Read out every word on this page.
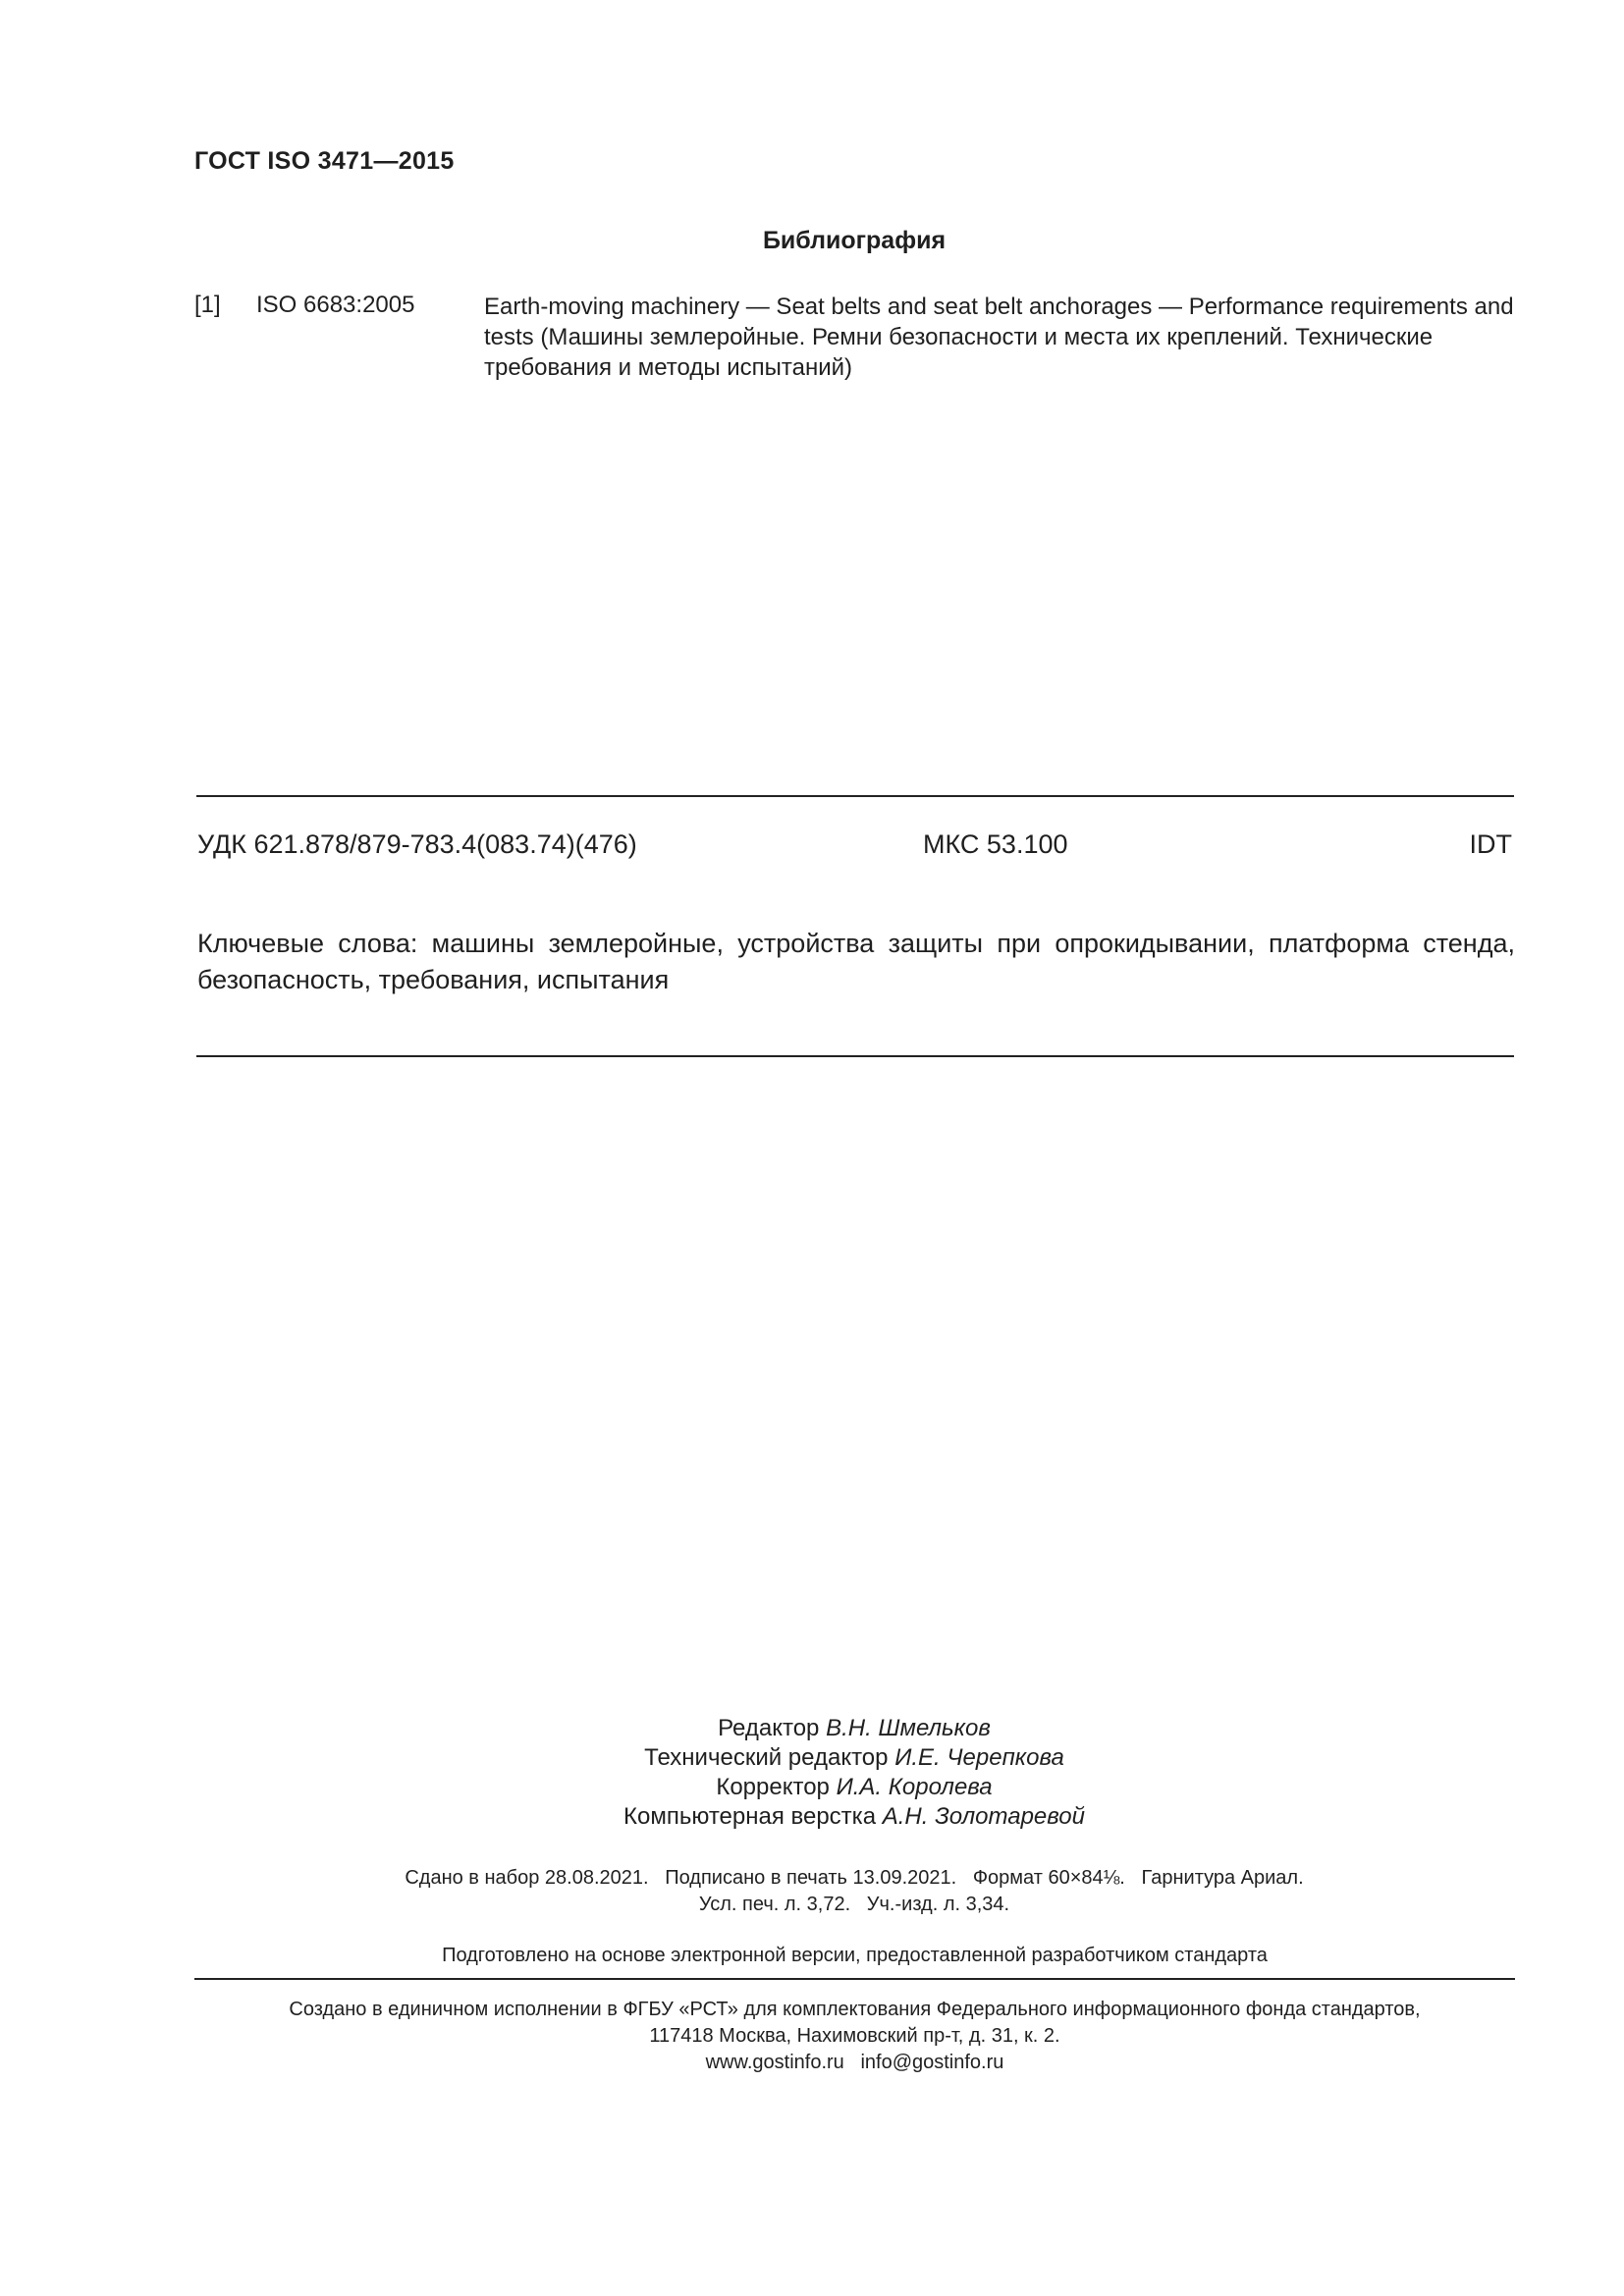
ГОСТ ISO 3471—2015
Библиография
[1] ISO 6683:2005	Earth-moving machinery — Seat belts and seat belt anchorages — Performance requirements and tests (Машины землеройные. Ремни безопасности и места их креплений. Технические требования и методы испытаний)
УДК 621.878/879-783.4(083.74)(476)	МКС 53.100	IDT
Ключевые слова: машины землеройные, устройства защиты при опрокидывании, платформа стенда, безопасность, требования, испытания
Редактор В.Н. Шмельков
Технический редактор И.Е. Черепкова
Корректор И.А. Королева
Компьютерная верстка А.Н. Золотаревой
Сдано в набор 28.08.2021.   Подписано в печать 13.09.2021.   Формат 60×84⅛.   Гарнитура Ариал.
Усл. печ. л. 3,72.   Уч.-изд. л. 3,34.
Подготовлено на основе электронной версии, предоставленной разработчиком стандарта
Создано в единичном исполнении в ФГБУ «РСТ» для комплектования Федерального информационного фонда стандартов,
117418 Москва, Нахимовский пр-т, д. 31, к. 2.
www.gostinfo.ru   info@gostinfo.ru
